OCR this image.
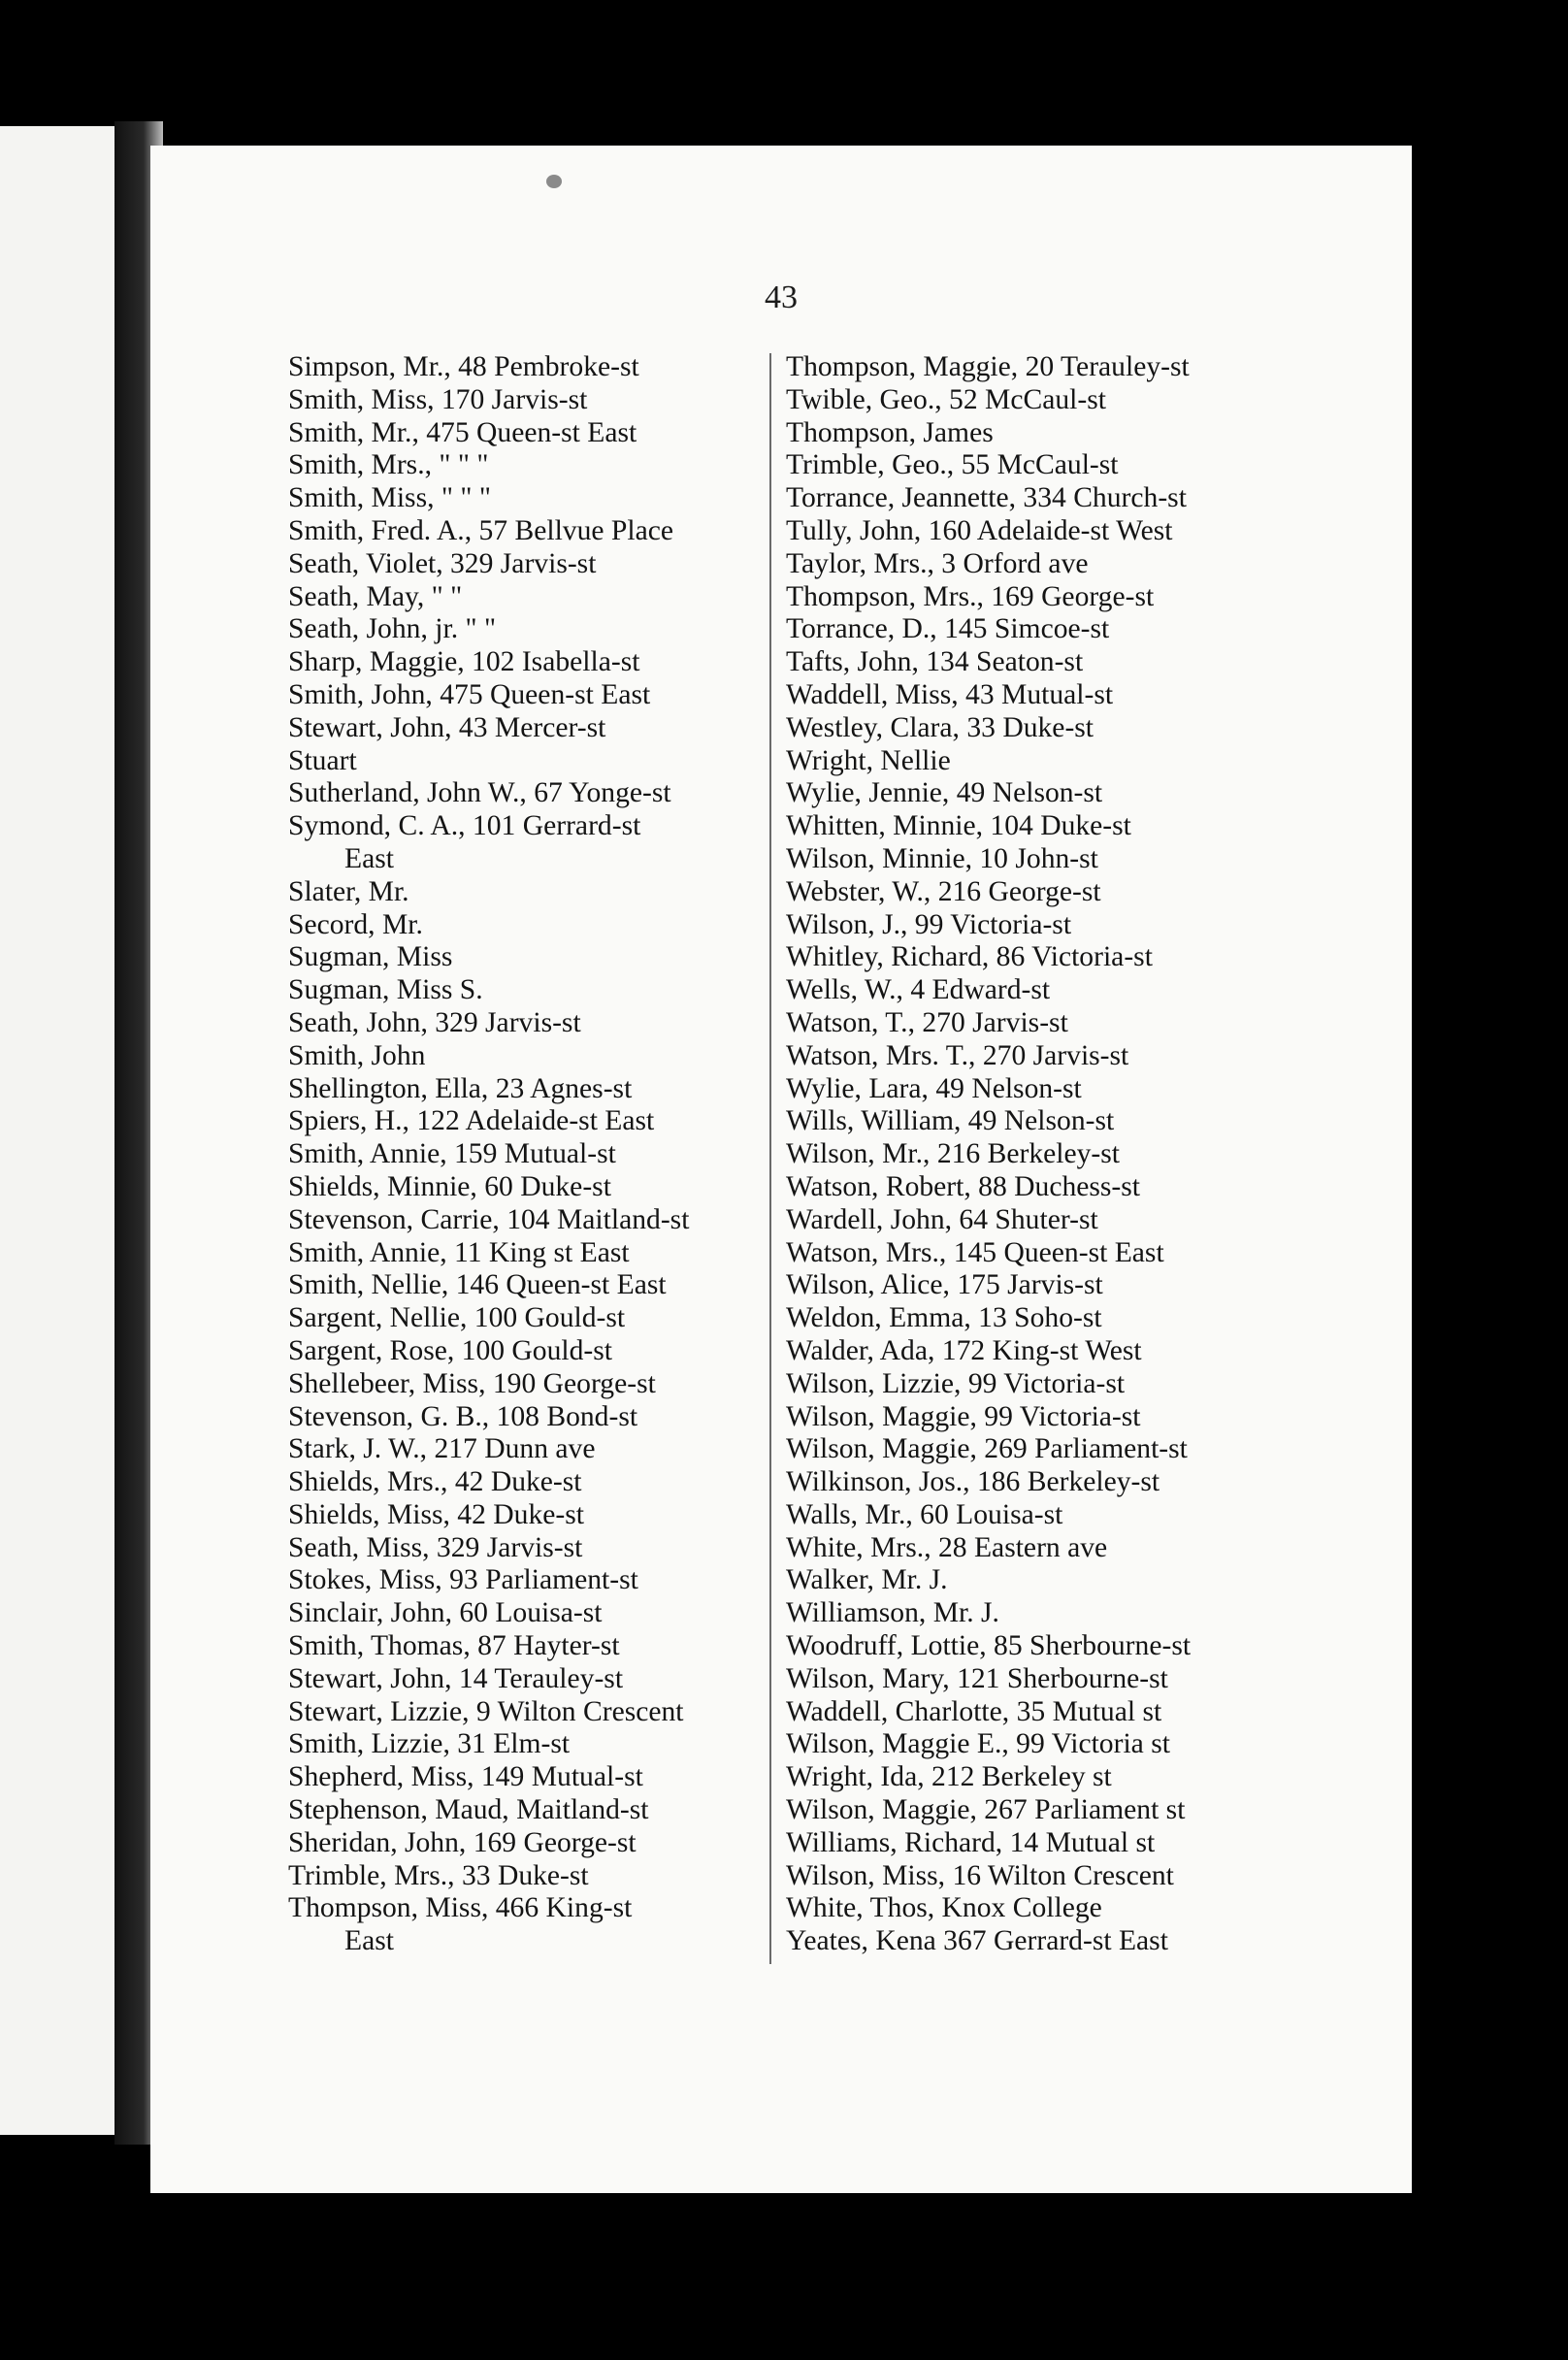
43
Simpson, Mr., 48 Pembroke-st
Smith, Miss, 170 Jarvis-st
Smith, Mr., 475 Queen-st East
Smith, Mrs., " " "
Smith, Miss, " " "
Smith, Fred. A., 57 Bellvue Place
Seath, Violet, 329 Jarvis-st
Seath, May, " "
Seath, John, jr. " "
Sharp, Maggie, 102 Isabella-st
Smith, John, 475 Queen-st East
Stewart, John, 43 Mercer-st
Stuart
Sutherland, John W., 67 Yonge-st
Symond, C. A., 101 Gerrard-st
East
Slater, Mr.
Secord, Mr.
Sugman, Miss
Sugman, Miss S.
Seath, John, 329 Jarvis-st
Smith, John
Shellington, Ella, 23 Agnes-st
Spiers, H., 122 Adelaide-st East
Smith, Annie, 159 Mutual-st
Shields, Minnie, 60 Duke-st
Stevenson, Carrie, 104 Maitland-st
Smith, Annie, 11 King st East
Smith, Nellie, 146 Queen-st East
Sargent, Nellie, 100 Gould-st
Sargent, Rose, 100 Gould-st
Shellebeer, Miss, 190 George-st
Stevenson, G. B., 108 Bond-st
Stark, J. W., 217 Dunn ave
Shields, Mrs., 42 Duke-st
Shields, Miss, 42 Duke-st
Seath, Miss, 329 Jarvis-st
Stokes, Miss, 93 Parliament-st
Sinclair, John, 60 Louisa-st
Smith, Thomas, 87 Hayter-st
Stewart, John, 14 Terauley-st
Stewart, Lizzie, 9 Wilton Crescent
Smith, Lizzie, 31 Elm-st
Shepherd, Miss, 149 Mutual-st
Stephenson, Maud, Maitland-st
Sheridan, John, 169 George-st
Trimble, Mrs., 33 Duke-st
Thompson, Miss, 466 King-st
East
Thompson, Maggie, 20 Terauley-st
Twible, Geo., 52 McCaul-st
Thompson, James
Trimble, Geo., 55 McCaul-st
Torrance, Jeannette, 334 Church-st
Tully, John, 160 Adelaide-st West
Taylor, Mrs., 3 Orford ave
Thompson, Mrs., 169 George-st
Torrance, D., 145 Simcoe-st
Tafts, John, 134 Seaton-st
Waddell, Miss, 43 Mutual-st
Westley, Clara, 33 Duke-st
Wright, Nellie
Wylie, Jennie, 49 Nelson-st
Whitten, Minnie, 104 Duke-st
Wilson, Minnie, 10 John-st
Webster, W., 216 George-st
Wilson, J., 99 Victoria-st
Whitley, Richard, 86 Victoria-st
Wells, W., 4 Edward-st
Watson, T., 270 Jarvis-st
Watson, Mrs. T., 270 Jarvis-st
Wylie, Lara, 49 Nelson-st
Wills, William, 49 Nelson-st
Wilson, Mr., 216 Berkeley-st
Watson, Robert, 88 Duchess-st
Wardell, John, 64 Shuter-st
Watson, Mrs., 145 Queen-st East
Wilson, Alice, 175 Jarvis-st
Weldon, Emma, 13 Soho-st
Walder, Ada, 172 King-st West
Wilson, Lizzie, 99 Victoria-st
Wilson, Maggie, 99 Victoria-st
Wilson, Maggie, 269 Parliament-st
Wilkinson, Jos., 186 Berkeley-st
Walls, Mr., 60 Louisa-st
White, Mrs., 28 Eastern ave
Walker, Mr. J.
Williamson, Mr. J.
Woodruff, Lottie, 85 Sherbourne-st
Wilson, Mary, 121 Sherbourne-st
Waddell, Charlotte, 35 Mutual st
Wilson, Maggie E., 99 Victoria st
Wright, Ida, 212 Berkeley st
Wilson, Maggie, 267 Parliament st
Williams, Richard, 14 Mutual st
Wilson, Miss, 16 Wilton Crescent
White, Thos, Knox College
Yeates, Kena 367 Gerrard-st East
